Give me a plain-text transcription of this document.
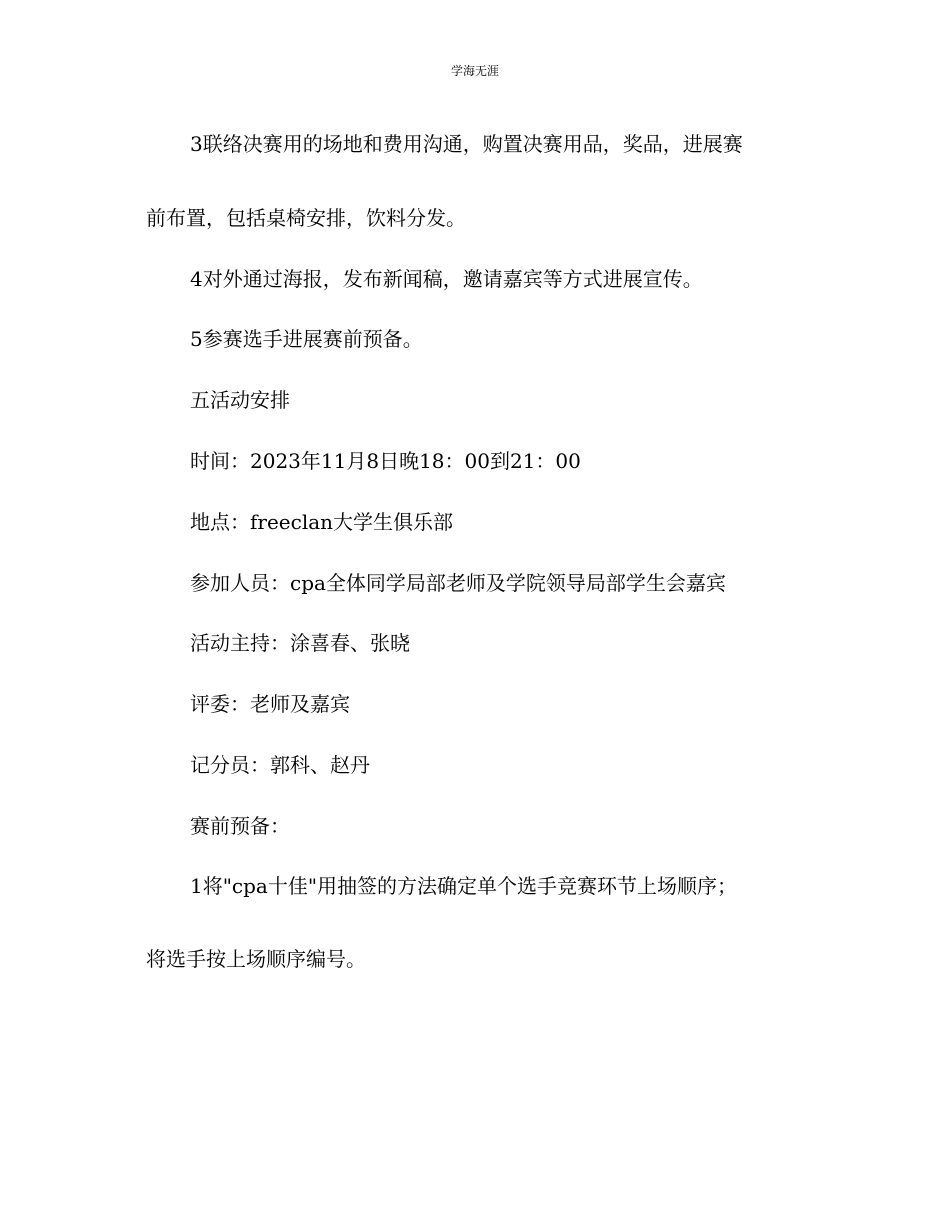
学海无涯
3联络决赛用的场地和费用沟通，购置决赛用品，奖品，进展赛
前布置，包括桌椅安排，饮料分发。
4对外通过海报，发布新闻稿，邀请嘉宾等方式进展宣传。
5参赛选手进展赛前预备。
五活动安排
时间：2023年11月8日晚18：00到21：00
地点：freeclan大学生俱乐部
参加人员：cpa全体同学局部老师及学院领导局部学生会嘉宾
活动主持：涂喜春、张晓
评委：老师及嘉宾
记分员：郭科、赵丹
赛前预备：
1将"cpa十佳"用抽签的方法确定单个选手竞赛环节上场顺序；
将选手按上场顺序编号。
